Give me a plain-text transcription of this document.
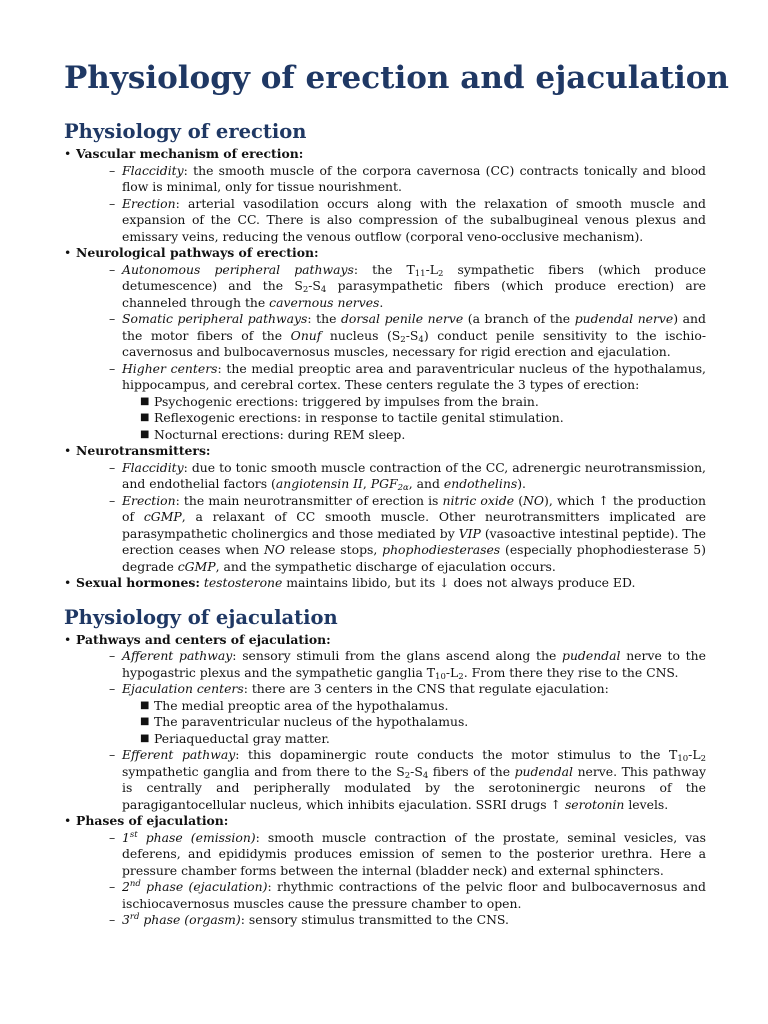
Physiology of erection and ejaculation
Physiology of erection
• Vascular mechanism of erection:
– Flaccidity: the smooth muscle of the corpora cavernosa (CC) contracts tonically and blood flow is minimal, only for tissue nourishment.
– Erection: arterial vasodilation occurs along with the relaxation of smooth muscle and expansion of the CC. There is also compression of the subalbugineal venous plexus and emissary veins, reducing the venous outflow (corporal veno-occlusive mechanism).
• Neurological pathways of erection:
– Autonomous peripheral pathways: the $T_{11}-L_2$ sympathetic fibers (which produce detumescence) and the $S_2-S_4$ parasympathetic fibers (which produce erection) are channeled through the cavernous nerves.
– Somatic peripheral pathways: the dorsal penile nerve (a branch of the pudendal nerve) and the motor fibers of the Onuf nucleus $(S_2-S_4)$ conduct penile sensitivity to the ischio-cavernosus and bulbocavernosus muscles, necessary for rigid erection and ejaculation.
– Higher centers: the medial preoptic area and paraventricular nucleus of the hypothalamus, hippocampus, and cerebral cortex. These centers regulate the 3 types of erection:
■ Psychogenic erections: triggered by impulses from the brain.
■ Reflexogenic erections: in response to tactile genital stimulation.
■ Nocturnal erections: during REM sleep.
• Neurotransmitters:
– Flaccidity: due to tonic smooth muscle contraction of the CC, adrenergic neurotransmission, and endothelial factors (angiotensin II, $PGF_{2\alpha}$, and endothelins).
– Erection: the main neurotransmitter of erection is nitric oxide (NO), which ↑ the production of cGMP, a relaxant of CC smooth muscle. Other neurotransmitters implicated are parasympathetic cholinergics and those mediated by VIP (vasoactive intestinal peptide). The erection ceases when NO release stops, phophodiesterases (especially phophodiesterase 5) degrade cGMP, and the sympathetic discharge of ejaculation occurs.
• Sexual hormones: testosterone maintains libido, but its ↓ does not always produce ED.
Physiology of ejaculation
• Pathways and centers of ejaculation:
– Afferent pathway: sensory stimuli from the glans ascend along the pudendal nerve to the hypogastric plexus and the sympathetic ganglia $T_{10}-L_2$. From there they rise to the CNS.
– Ejaculation centers: there are 3 centers in the CNS that regulate ejaculation:
■ The medial preoptic area of the hypothalamus.
■ The paraventricular nucleus of the hypothalamus.
■ Periaqueductal gray matter.
– Efferent pathway: this dopaminergic route conducts the motor stimulus to the $T_{10}-L_2$ sympathetic ganglia and from there to the $S_2-S_4$ fibers of the pudendal nerve. This pathway is centrally and peripherally modulated by the serotoninergic neurons of the paragigantocellular nucleus, which inhibits ejaculation. SSRI drugs ↑ serotonin levels.
• Phases of ejaculation:
– 1st phase (emission): smooth muscle contraction of the prostate, seminal vesicles, vas deferens, and epididymis produces emission of semen to the posterior urethra. Here a pressure chamber forms between the internal (bladder neck) and external sphincters.
– 2nd phase (ejaculation): rhythmic contractions of the pelvic floor and bulbocavernosus and ischiocavernosus muscles cause the pressure chamber to open.
– 3rd phase (orgasm): sensory stimulus transmitted to the CNS.
